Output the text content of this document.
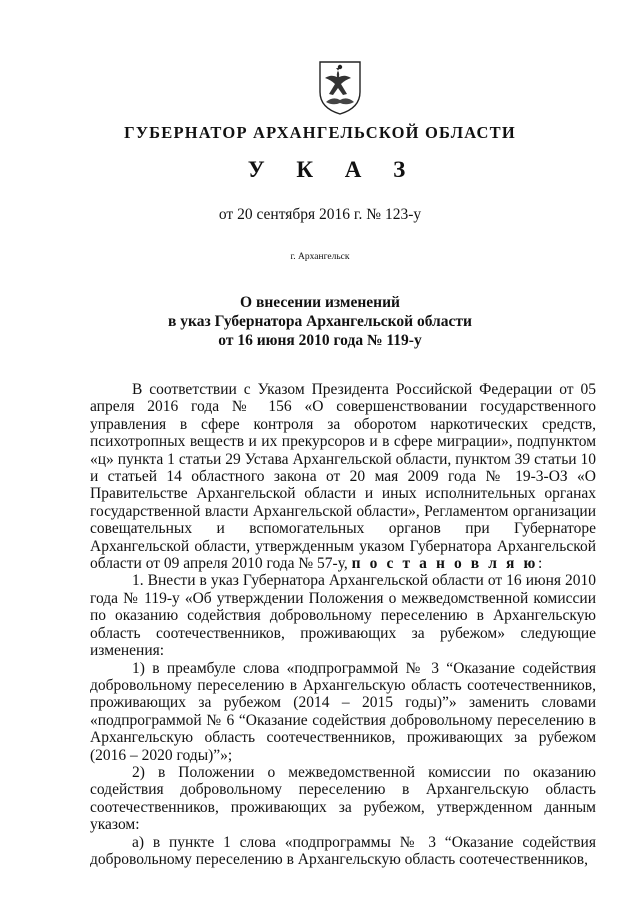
ГУБЕРНАТОР АРХАНГЕЛЬСКОЙ ОБЛАСТИ
У К А З
от 20 сентября 2016 г. № 123-у
г. Архангельск
О внесении изменений
в указ Губернатора Архангельской области
от 16 июня 2010 года № 119-у

В соответствии с Указом Президента Российской Федерации от 05 апреля 2016 года № 156 «О совершенствовании государственного управления в сфере контроля за оборотом наркотических средств, психотропных веществ и их прекурсоров и в сфере миграции», подпунктом «ц» пункта 1 статьи 29 Устава Архангельской области, пунктом 39 статьи 10 и статьей 14 областного закона от 20 мая 2009 года № 19-3-ОЗ «О Правительстве Архангельской области и иных исполнительных органах государственной власти Архангельской области», Регламентом организации совещательных и вспомогательных органов при Губернаторе Архангельской области, утвержденным указом Губернатора Архангельской области от 09 апреля 2010 года № 57-у, п о с т а н о в л я ю:

1. Внести в указ Губернатора Архангельской области от 16 июня 2010 года № 119-у «Об утверждении Положения о межведомственной комиссии по оказанию содействия добровольному переселению в Архангельскую область соотечественников, проживающих за рубежом» следующие изменения:

1) в преамбуле слова «подпрограммой № 3 “Оказание содействия добровольному переселению в Архангельскую область соотечественников, проживающих за рубежом (2014 – 2015 годы)”» заменить словами «подпрограммой № 6 “Оказание содействия добровольному переселению в Архангельскую область соотечественников, проживающих за рубежом (2016 – 2020 годы)”»;

2) в Положении о межведомственной комиссии по оказанию содействия добровольному переселению в Архангельскую область соотечественников, проживающих за рубежом, утвержденном данным указом:

а) в пункте 1 слова «подпрограммы № 3 “Оказание содействия добровольному переселению в Архангельскую область соотечественников,
